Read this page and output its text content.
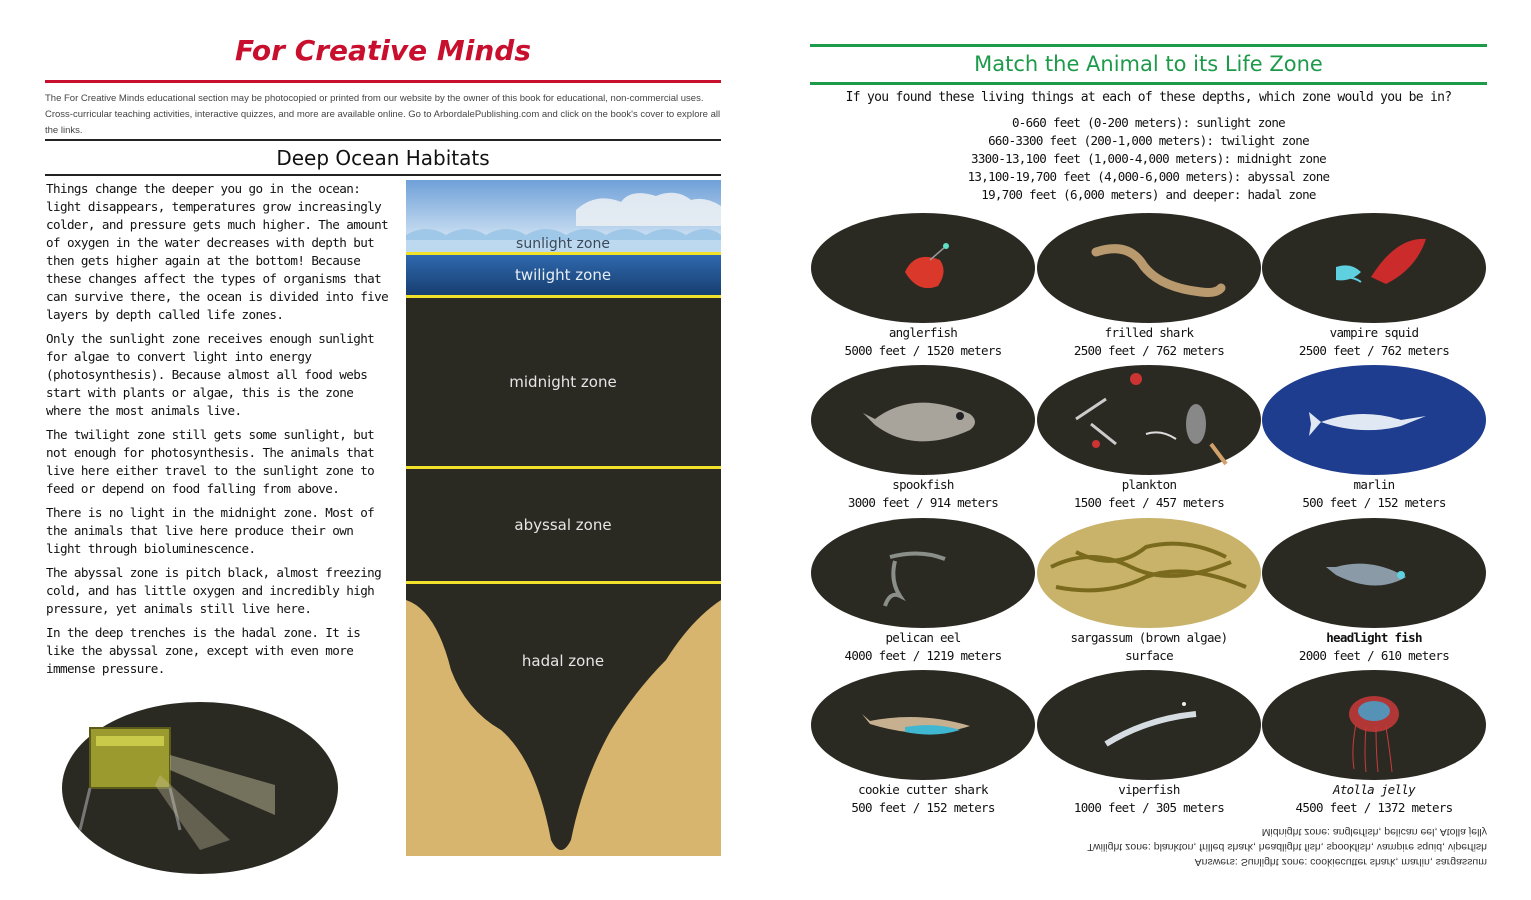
For Creative Minds
The For Creative Minds educational section may be photocopied or printed from our website by the owner of this book for educational, non-commercial uses. Cross-curricular teaching activities, interactive quizzes, and more are available online. Go to ArbordalePublishing.com and click on the book's cover to explore all the links.
Deep Ocean Habitats

Things change the deeper you go in the ocean: light disappears, temperatures grow increasingly colder, and pressure gets much higher. The amount of oxygen in the water decreases with depth but then gets higher again at the bottom! Because these changes affect the types of organisms that can survive there, the ocean is divided into five layers by depth called life zones.

Only the sunlight zone receives enough sunlight for algae to convert light into energy (photosynthesis). Because almost all food webs start with plants or algae, this is the zone where the most animals live.

The twilight zone still gets some sunlight, but not enough for photosynthesis. The animals that live here either travel to the sunlight zone to feed or depend on food falling from above.

There is no light in the midnight zone. Most of the animals that live here produce their own light through bioluminescence.

The abyssal zone is pitch black, almost freezing cold, and has little oxygen and incredibly high pressure, yet animals still live here.

In the deep trenches is the hadal zone. It is like the abyssal zone, except with even more immense pressure.

sunlight zone
twilight zone
midnight zone
abyssal zone
hadal zone
Match the Animal to its Life Zone
If you found these living things at each of these depths, which zone would you be in?
0-660 feet (0-200 meters): sunlight zone
660-3300 feet (200-1,000 meters): twilight zone
3300-13,100 feet (1,000-4,000 meters): midnight zone
13,100-19,700 feet (4,000-6,000 meters): abyssal zone
19,700 feet (6,000 meters) and deeper: hadal zone
anglerfish
5000 feet / 1520 meters
frilled shark
2500 feet / 762 meters
vampire squid
2500 feet / 762 meters
spookfish
3000 feet / 914 meters
plankton
1500 feet / 457 meters
marlin
500 feet / 152 meters
pelican eel
4000 feet / 1219 meters
sargassum (brown algae)
surface
headlight fish
2000 feet / 610 meters
cookie cutter shark
500 feet / 152 meters
viperfish
1000 feet / 305 meters
Atolla jelly
4500 feet / 1372 meters
Answers: Sunlight zone: cookiecutter shark, marlin, sargassum
Twilight zone: plankton, frilled shark, headlight fish, spookfish, vampire squid, viperfish
Midnight zone: anglerfish, pelican eel, Atolla jelly
